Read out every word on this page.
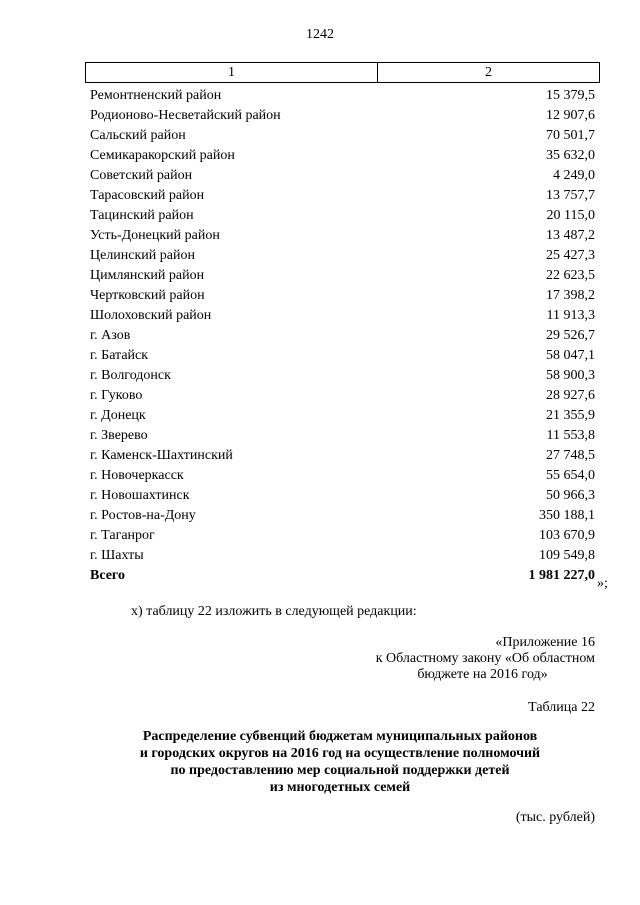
1242
1	2
Ремонтненский район	15 379,5
Родионово-Несветайский район	12 907,6
Сальский район	70 501,7
Семикаракорский район	35 632,0
Советский район	4 249,0
Тарасовский район	13 757,7
Тацинский район	20 115,0
Усть-Донецкий район	13 487,2
Целинский район	25 427,3
Цимлянский район	22 623,5
Чертковский район	17 398,2
Шолоховский район	11 913,3
г. Азов	29 526,7
г. Батайск	58 047,1
г. Волгодонск	58 900,3
г. Гуково	28 927,6
г. Донецк	21 355,9
г. Зверево	11 553,8
г. Каменск-Шахтинский	27 748,5
г. Новочеркасск	55 654,0
г. Новошахтинск	50 966,3
г. Ростов-на-Дону	350 188,1
г. Таганрог	103 670,9
г. Шахты	109 549,8
Всего	1 981 227,0
»;
х) таблицу 22 изложить в следующей редакции:
«Приложение 16
к Областному закону «Об областном
бюджете на 2016 год»
Таблица 22
Распределение субвенций бюджетам муниципальных районов
и городских округов на 2016 год на осуществление полномочий
по предоставлению мер социальной поддержки детей
из многодетных семей
(тыс. рублей)
